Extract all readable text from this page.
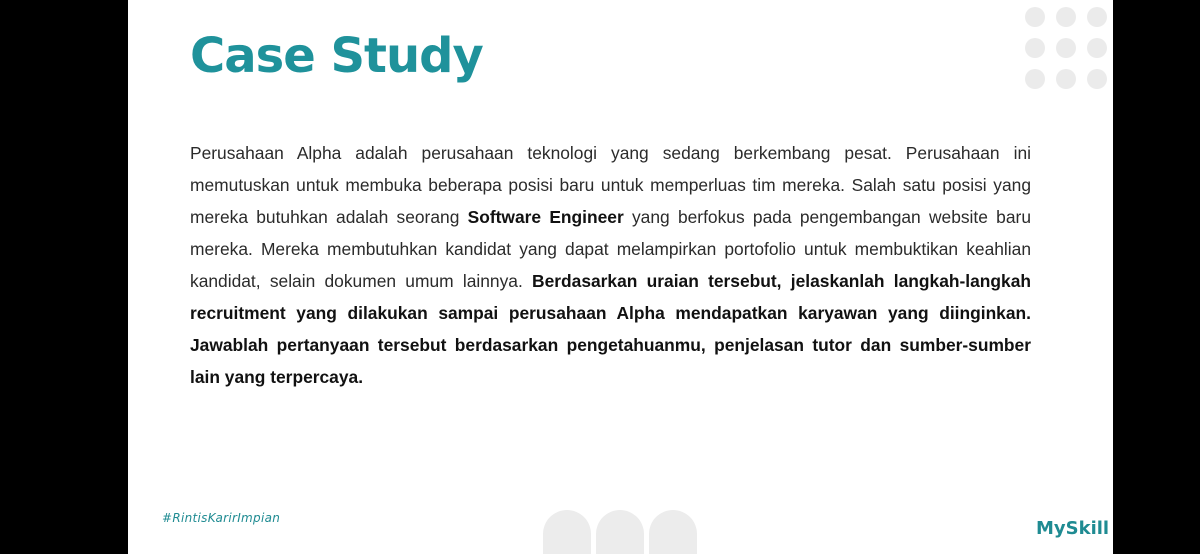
Case Study

Perusahaan Alpha adalah perusahaan teknologi yang sedang berkembang pesat. Perusahaan ini memutuskan untuk membuka beberapa posisi baru untuk memperluas tim mereka. Salah satu posisi yang mereka butuhkan adalah seorang Software Engineer yang berfokus pada pengembangan website baru mereka. Mereka membutuhkan kandidat yang dapat melampirkan portofolio untuk membuktikan keahlian kandidat, selain dokumen umum lainnya. Berdasarkan uraian tersebut, jelaskanlah langkah-langkah recruitment yang dilakukan sampai perusahaan Alpha mendapatkan karyawan yang diinginkan. Jawablah pertanyaan tersebut berdasarkan pengetahuanmu, penjelasan tutor dan sumber-sumber lain yang terpercaya.

#RintisKarirImpian	MySkill
